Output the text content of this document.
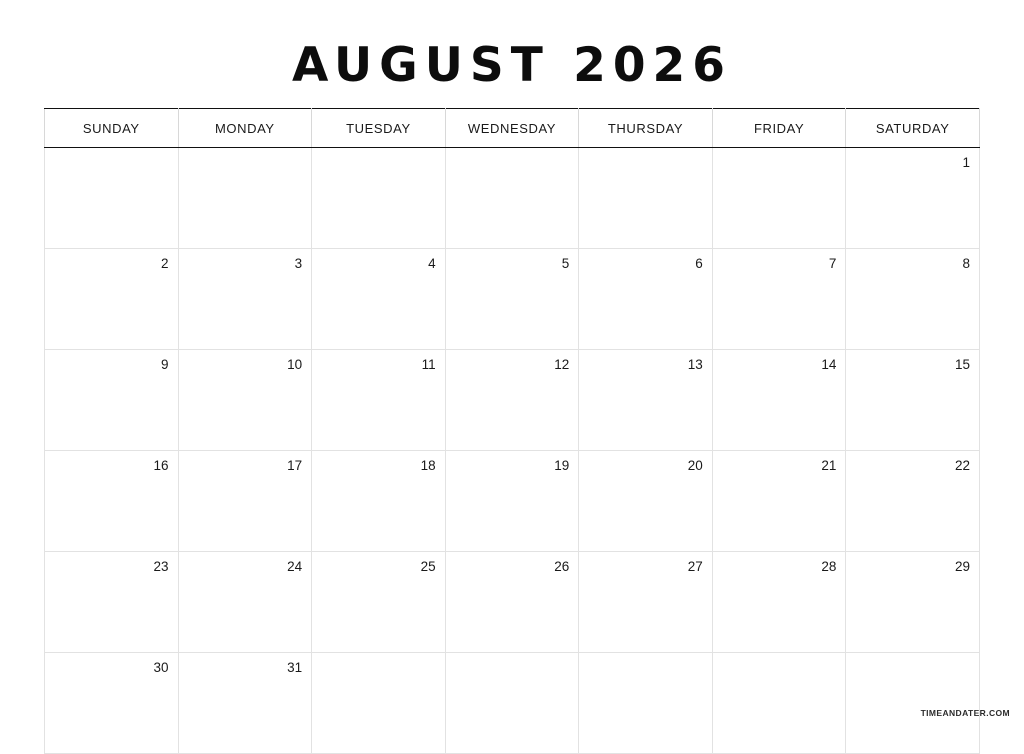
AUGUST 2026
SUNDAY	MONDAY	TUESDAY	WEDNESDAY	THURSDAY	FRIDAY	SATURDAY
						1
2	3	4	5	6	7	8
9	10	11	12	13	14	15
16	17	18	19	20	21	22
23	24	25	26	27	28	29
30	31					
TIMEANDATER.COM
